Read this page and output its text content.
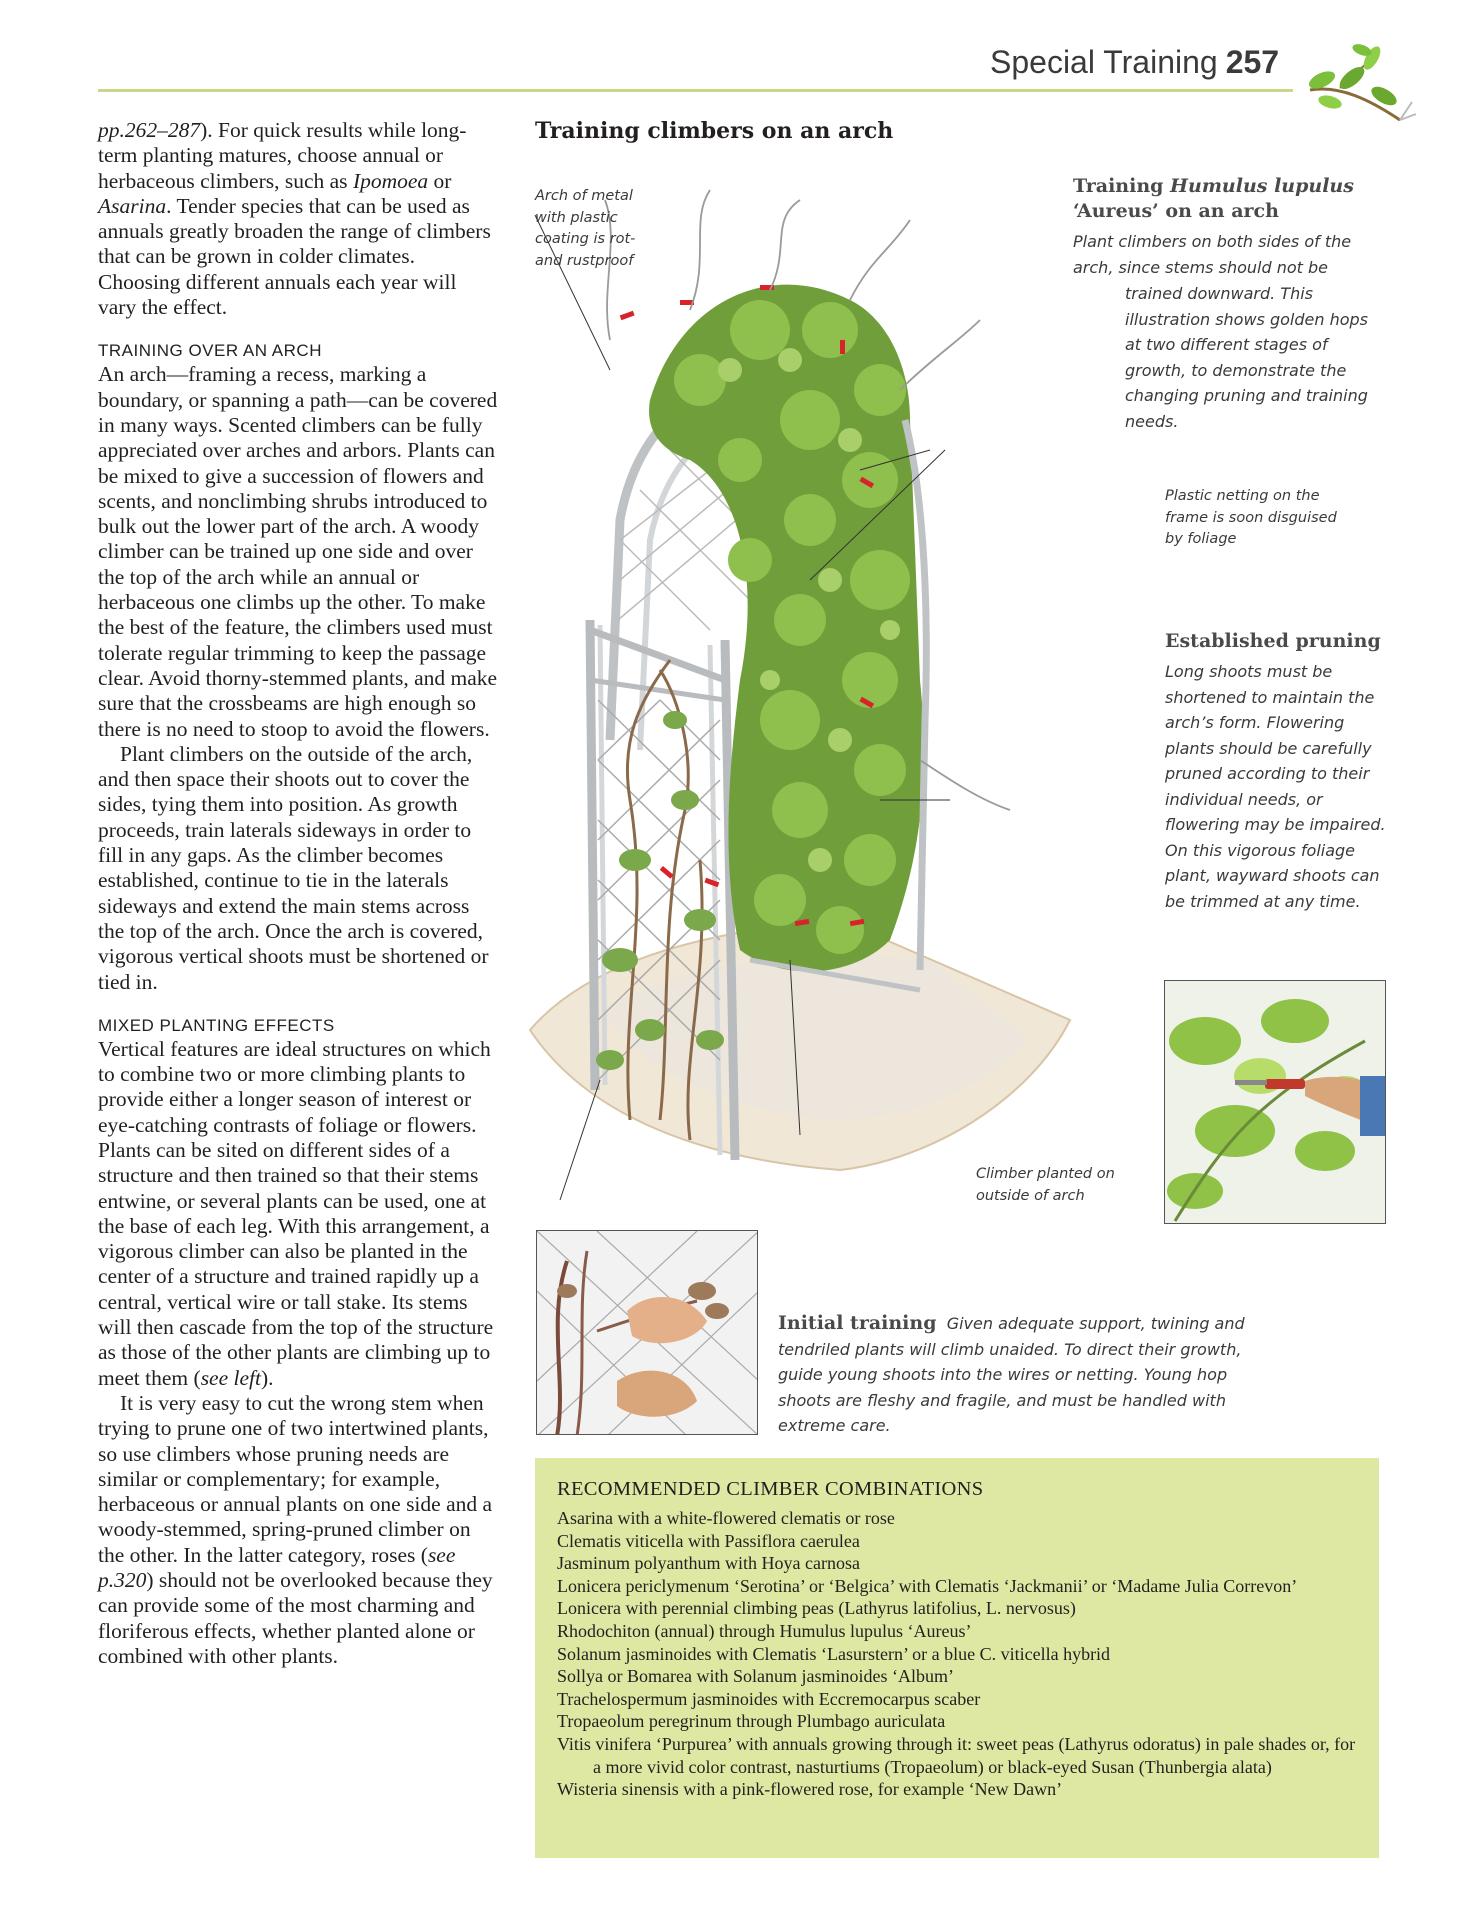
Special Training 257

pp.262–287). For quick results while long-term planting matures, choose annual or herbaceous climbers, such as Ipomoea or Asarina. Tender species that can be used as annuals greatly broaden the range of climbers that can be grown in colder climates. Choosing different annuals each year will vary the effect.

TRAINING OVER AN ARCH

An arch—framing a recess, marking a boundary, or spanning a path—can be covered in many ways. Scented climbers can be fully appreciated over arches and arbors. Plants can be mixed to give a succession of flowers and scents, and nonclimbing shrubs introduced to bulk out the lower part of the arch. A woody climber can be trained up one side and over the top of the arch while an annual or herbaceous one climbs up the other. To make the best of the feature, the climbers used must tolerate regular trimming to keep the passage clear. Avoid thorny-stemmed plants, and make sure that the crossbeams are high enough so there is no need to stoop to avoid the flowers.

Plant climbers on the outside of the arch, and then space their shoots out to cover the sides, tying them into position. As growth proceeds, train laterals sideways in order to fill in any gaps. As the climber becomes established, continue to tie in the laterals sideways and extend the main stems across the top of the arch. Once the arch is covered, vigorous vertical shoots must be shortened or tied in.

MIXED PLANTING EFFECTS

Vertical features are ideal structures on which to combine two or more climbing plants to provide either a longer season of interest or eye-catching contrasts of foliage or flowers. Plants can be sited on different sides of a structure and then trained so that their stems entwine, or several plants can be used, one at the base of each leg. With this arrangement, a vigorous climber can also be planted in the center of a structure and trained rapidly up a central, vertical wire or tall stake. Its stems will then cascade from the top of the structure as those of the other plants are climbing up to meet them (see left).

It is very easy to cut the wrong stem when trying to prune one of two intertwined plants, so use climbers whose pruning needs are similar or complementary; for example, herbaceous or annual plants on one side and a woody-stemmed, spring-pruned climber on the other. In the latter category, roses (see p.320) should not be overlooked because they can provide some of the most charming and floriferous effects, whether planted alone or combined with other plants.

Training climbers on an arch
Arch of metal with plastic coating is rot- and rustproof
Training Humulus lupulus
‘Aureus’ on an arch
Plant climbers on both sides of the
arch, since stems should not be
trained downward. This illustration shows golden hops at two different stages of growth, to demonstrate the changing pruning and training needs.
Plastic netting on the frame is soon disguised by foliage
Established pruning
Long shoots must be shortened to maintain the arch’s form. Flowering plants should be carefully pruned according to their individual needs, or flowering may be impaired. On this vigorous foliage plant, wayward shoots can be trimmed at any time.
Climber planted on outside of arch
Initial training Given adequate support, twining and tendriled plants will climb unaided. To direct their growth, guide young shoots into the wires or netting. Young hop shoots are fleshy and fragile, and must be handled with extreme care.
RECOMMENDED CLIMBER COMBINATIONS
Asarina with a white-flowered clematis or rose
Clematis viticella with Passiflora caerulea
Jasminum polyanthum with Hoya carnosa
Lonicera periclymenum ‘Serotina’ or ‘Belgica’ with Clematis ‘Jackmanii’ or ‘Madame Julia Correvon’
Lonicera with perennial climbing peas (Lathyrus latifolius, L. nervosus)
Rhodochiton (annual) through Humulus lupulus ‘Aureus’
Solanum jasminoides with Clematis ‘Lasurstern’ or a blue C. viticella hybrid
Sollya or Bomarea with Solanum jasminoides ‘Album’
Trachelospermum jasminoides with Eccremocarpus scaber
Tropaeolum peregrinum through Plumbago auriculata
Vitis vinifera ‘Purpurea’ with annuals growing through it: sweet peas (Lathyrus odoratus) in pale shades or, for a more vivid color contrast, nasturtiums (Tropaeolum) or black-eyed Susan (Thunbergia alata)
Wisteria sinensis with a pink-flowered rose, for example ‘New Dawn’
